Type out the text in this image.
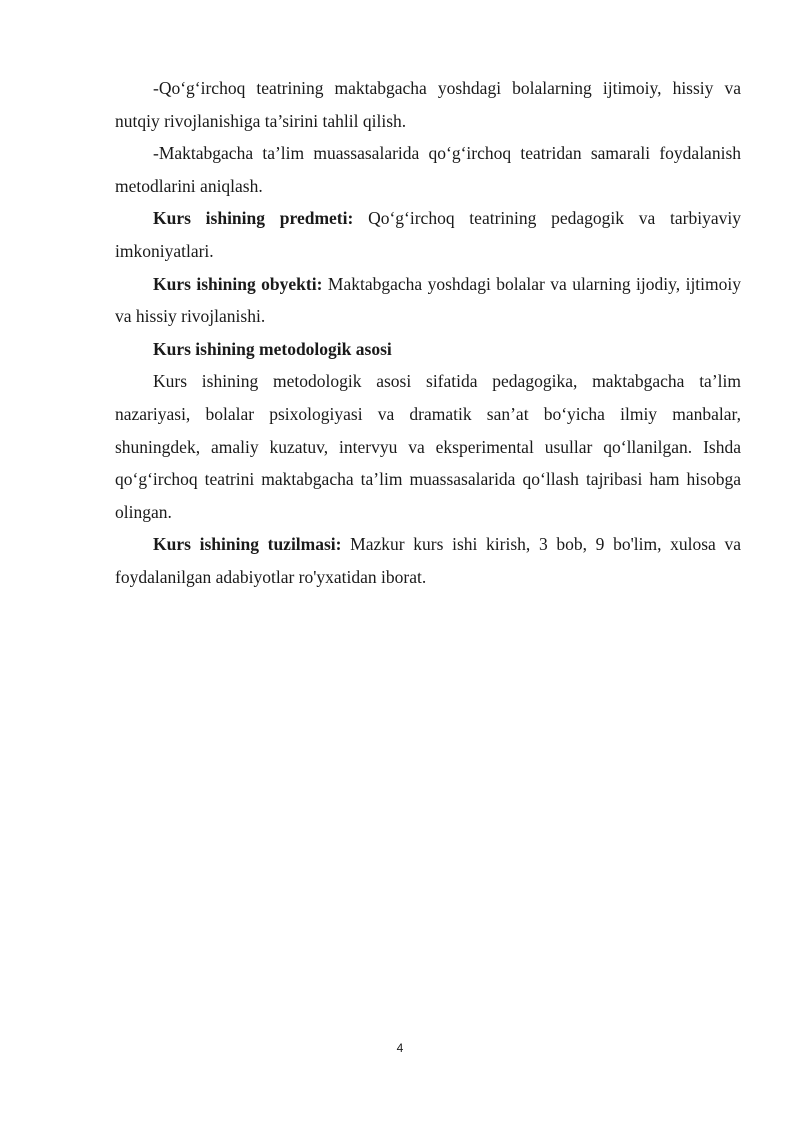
-Qo‘g‘irchoq teatrining maktabgacha yoshdagi bolalarning ijtimoiy, hissiy va nutqiy rivojlanishiga ta’sirini tahlil qilish.

-Maktabgacha ta’lim muassasalarida qo‘g‘irchoq teatridan samarali foydalanish metodlarini aniqlash.

Kurs ishining predmeti: Qo‘g‘irchoq teatrining pedagogik va tarbiyaviy imkoniyatlari.

Kurs ishining obyekti: Maktabgacha yoshdagi bolalar va ularning ijodiy, ijtimoiy va hissiy rivojlanishi.

Kurs ishining metodologik asosi

Kurs ishining metodologik asosi sifatida pedagogika, maktabgacha ta’lim nazariyasi, bolalar psixologiyasi va dramatik san’at bo‘yicha ilmiy manbalar, shuningdek, amaliy kuzatuv, intervyu va eksperimental usullar qo‘llanilgan. Ishda qo‘g‘irchoq teatrini maktabgacha ta’lim muassasalarida qo‘llash tajribasi ham hisobga olingan.

Kurs ishining tuzilmasi: Mazkur kurs ishi kirish, 3 bob, 9 bo'lim, xulosa va foydalanilgan adabiyotlar ro'yxatidan iborat.

4
